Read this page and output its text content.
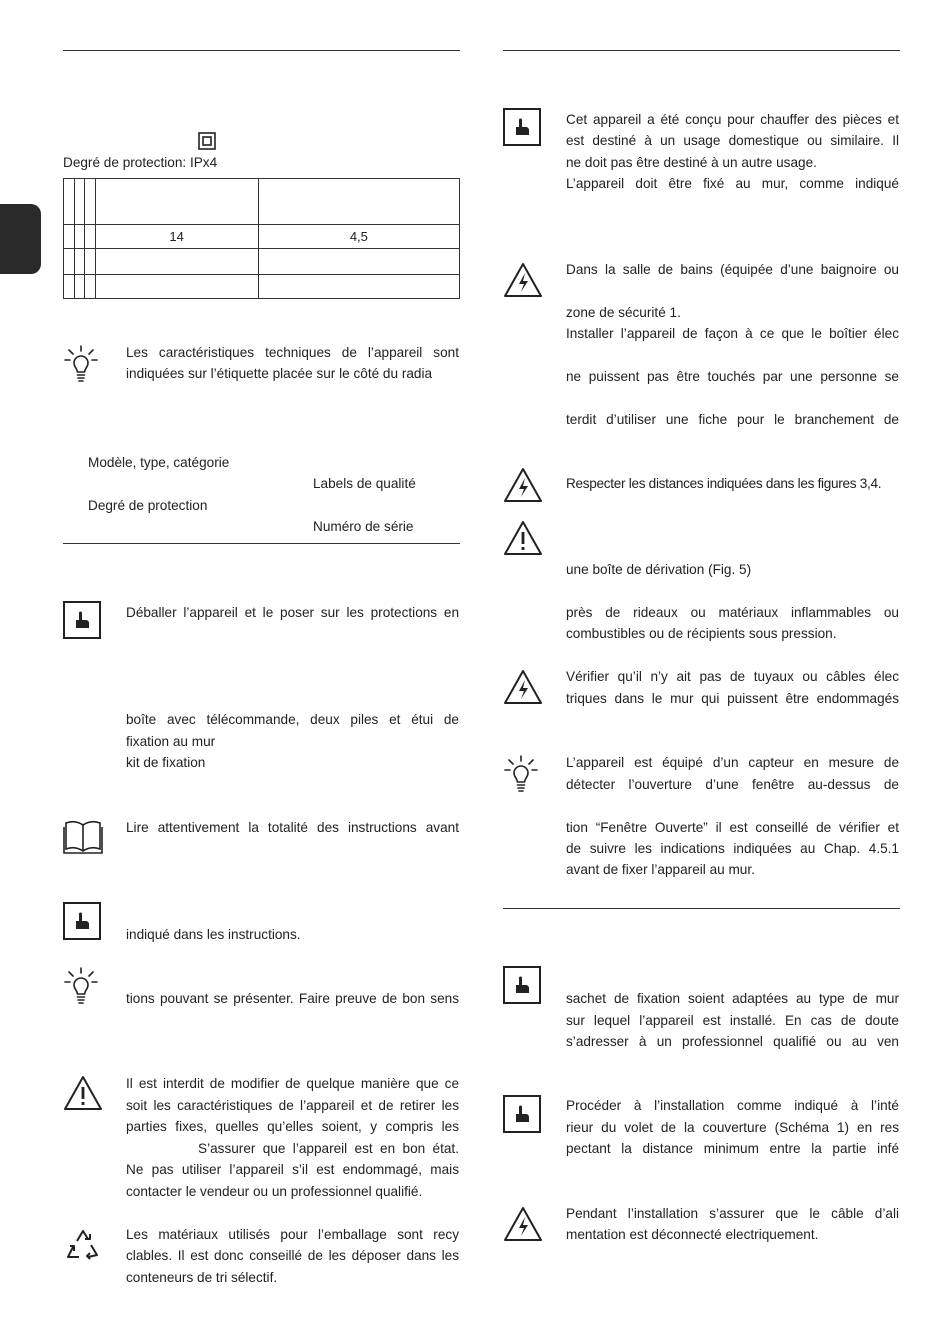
Degré de protection: IPx4

			14	4,5

Les caractéristiques techniques de l’appareil sont
indiquées sur l’étiquette placée sur le côté du radia
Modèle, type, catégorie
Labels de qualité
Degré de protection
Numéro de série
Déballer l’appareil et le poser sur les protections en
boîte avec télécommande, deux piles et étui de
fixation au mur
kit de fixation
Lire attentivement la totalité des instructions avant
indiqué dans les instructions.
tions pouvant se présenter. Faire preuve de bon sens
Il est interdit de modifier de quelque manière que ce
soit les caractéristiques de l’appareil et de retirer les
parties fixes, quelles qu’elles soient, y compris les
S’assurer que l’appareil est en bon état.
Ne pas utiliser l’appareil s’il est endommagé, mais
contacter le vendeur ou un professionnel qualifié.
Les matériaux utilisés pour l’emballage sont recy
clables. Il est donc conseillé de les déposer dans les
conteneurs de tri sélectif.
Cet appareil a été conçu pour chauffer des pièces et
est destiné à un usage domestique ou similaire. Il
ne doit pas être destiné à un autre usage.
L’appareil doit être fixé au mur, comme indiqué
Dans la salle de bains (équipée d’une baignoire ou
zone de sécurité 1.
Installer l’appareil de façon à ce que le boîtier élec
ne puissent pas être touchés par une personne se
terdit d’utiliser une fiche pour le branchement de
Respecter les distances indiquées dans les figures 3,4.
une boîte de dérivation (Fig. 5)
près de rideaux ou matériaux inflammables ou
combustibles ou de récipients sous pression.
Vérifier qu’il n’y ait pas de tuyaux ou câbles élec
triques dans le mur qui puissent être endommagés
L’appareil est équipé d’un capteur en mesure de
détecter l’ouverture d’une fenêtre au-dessus de
tion “Fenêtre Ouverte” il est conseillé de vérifier et
de suivre les indications indiquées au Chap. 4.5.1
avant de fixer l’appareil au mur.
sachet de fixation soient adaptées au type de mur
sur lequel l’appareil est installé. En cas de doute
s’adresser à un professionnel qualifié ou au ven
Procéder à l’installation comme indiqué à l’inté
rieur du volet de la couverture (Schéma 1) en res
pectant la distance minimum entre la partie infé
Pendant l’installation s’assurer que le câble d’ali
mentation est déconnecté electriquement.
